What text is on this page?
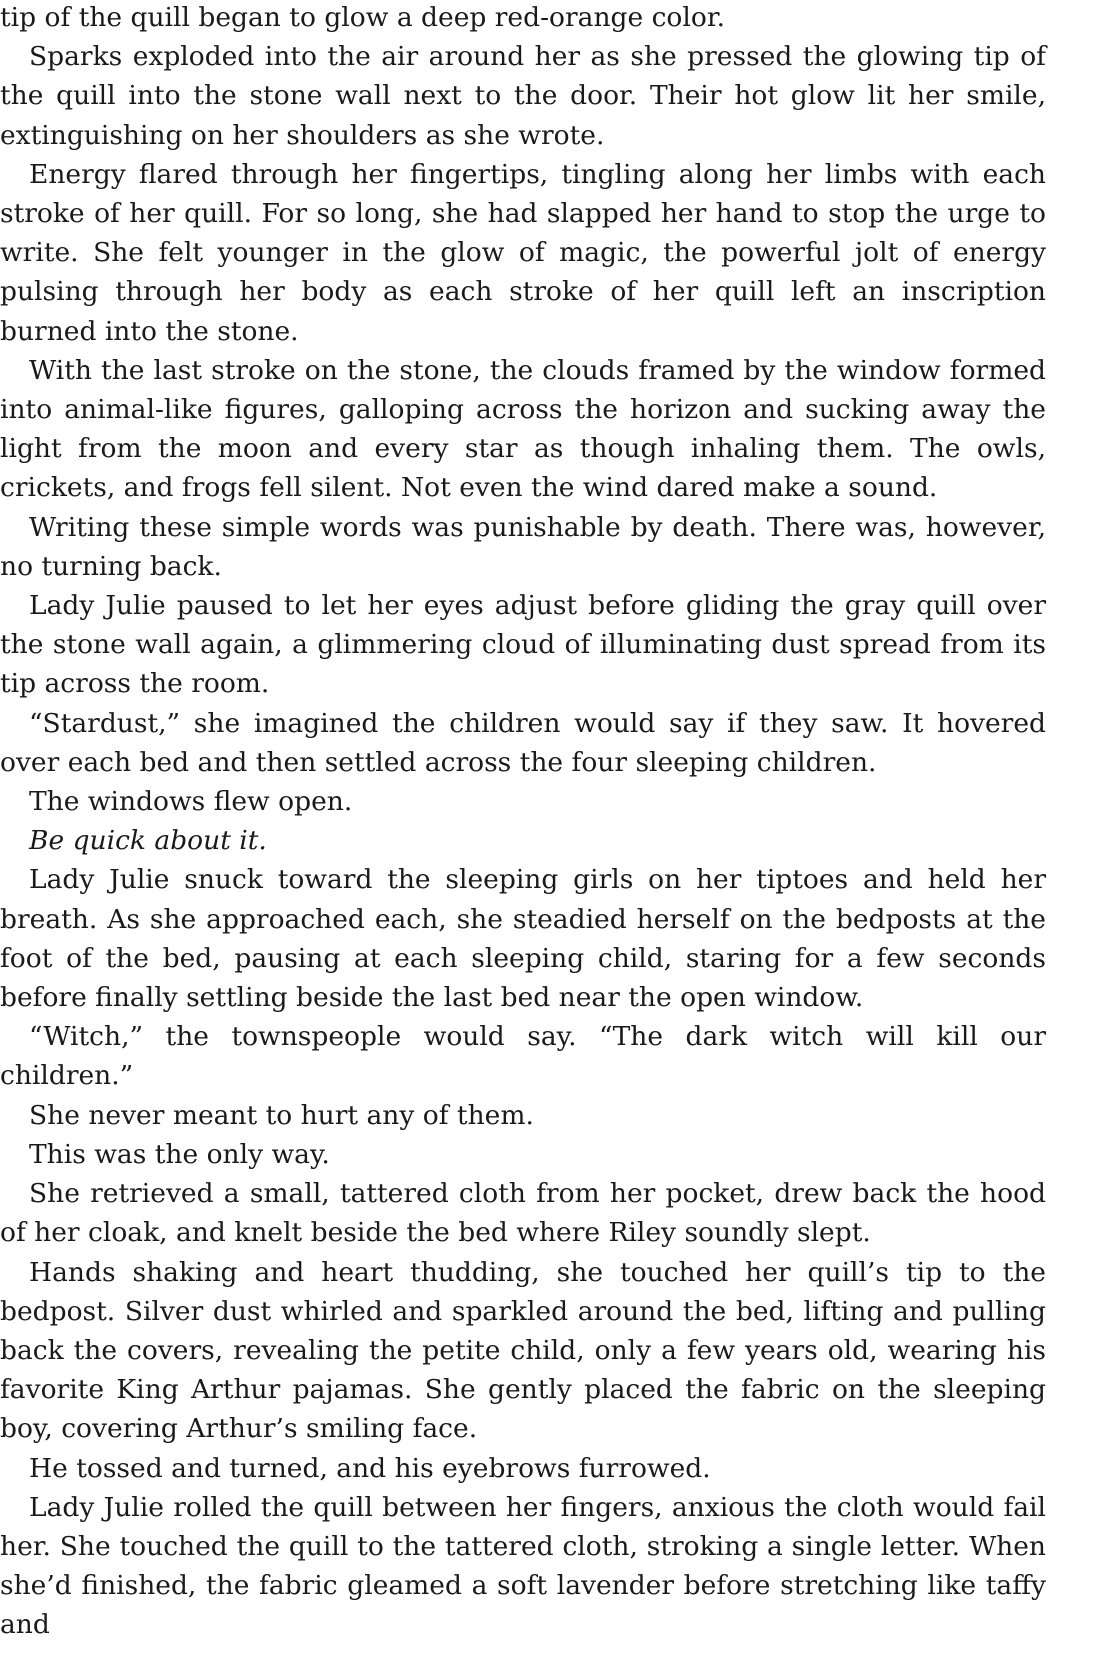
tip of the quill began to glow a deep red-orange color.

Sparks exploded into the air around her as she pressed the glowing tip of the quill into the stone wall next to the door. Their hot glow lit her smile, extinguishing on her shoulders as she wrote.

Energy flared through her fingertips, tingling along her limbs with each stroke of her quill. For so long, she had slapped her hand to stop the urge to write. She felt younger in the glow of magic, the powerful jolt of energy pulsing through her body as each stroke of her quill left an inscription burned into the stone.

With the last stroke on the stone, the clouds framed by the window formed into animal-like figures, galloping across the horizon and sucking away the light from the moon and every star as though inhaling them. The owls, crickets, and frogs fell silent. Not even the wind dared make a sound.

Writing these simple words was punishable by death. There was, however, no turning back.

Lady Julie paused to let her eyes adjust before gliding the gray quill over the stone wall again, a glimmering cloud of illuminating dust spread from its tip across the room.

“Stardust,” she imagined the children would say if they saw. It hovered over each bed and then settled across the four sleeping children.

The windows flew open.

Be quick about it.

Lady Julie snuck toward the sleeping girls on her tiptoes and held her breath. As she approached each, she steadied herself on the bedposts at the foot of the bed, pausing at each sleeping child, staring for a few seconds before finally settling beside the last bed near the open window.

“Witch,” the townspeople would say. “The dark witch will kill our children.”

She never meant to hurt any of them.

This was the only way.

She retrieved a small, tattered cloth from her pocket, drew back the hood of her cloak, and knelt beside the bed where Riley soundly slept.

Hands shaking and heart thudding, she touched her quill’s tip to the bedpost. Silver dust whirled and sparkled around the bed, lifting and pulling back the covers, revealing the petite child, only a few years old, wearing his favorite King Arthur pajamas. She gently placed the fabric on the sleeping boy, covering Arthur’s smiling face.

He tossed and turned, and his eyebrows furrowed.

Lady Julie rolled the quill between her fingers, anxious the cloth would fail her. She touched the quill to the tattered cloth, stroking a single letter. When she’d finished, the fabric gleamed a soft lavender before stretching like taffy and
